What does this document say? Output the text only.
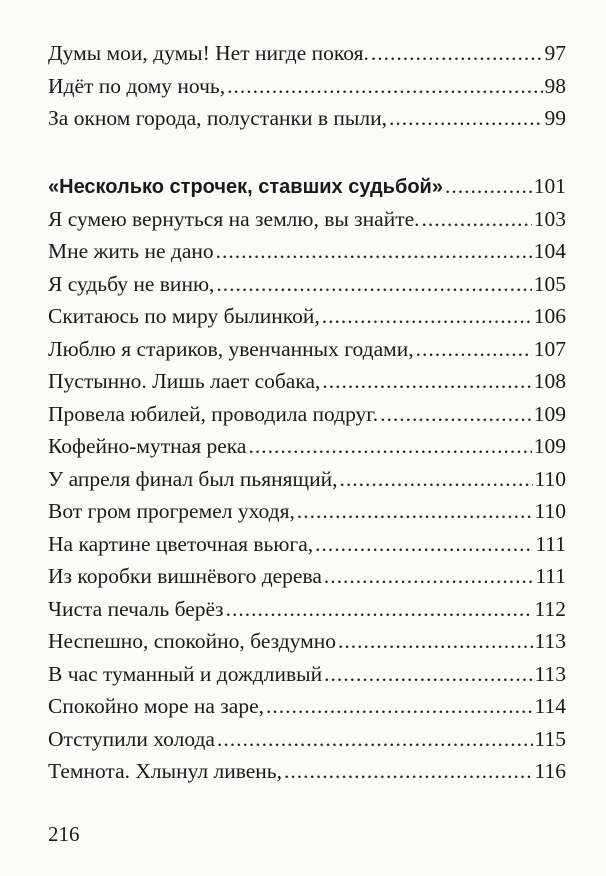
Думы мои, думы! Нет нигде покоя. .....	97
Идёт по дому ночь, .....	98
За окном города, полустанки в пыли, .....	99
«Несколько строчек, ставших судьбой» .....	101
Я сумею вернуться на землю, вы знайте. .....	103
Мне жить не дано .....	104
Я судьбу не виню, .....	105
Скитаюсь по миру былинкой, .....	106
Люблю я стариков, увенчанных годами, .....	107
Пустынно. Лишь лает собака, .....	108
Провела юбилей, проводила подруг. .....	109
Кофейно-мутная река .....	109
У апреля финал был пьянящий, .....	110
Вот гром прогремел уходя, .....	110
На картине цветочная вьюга, .....	111
Из коробки вишнёвого дерева .....	111
Чиста печаль берёз .....	112
Неспешно, спокойно, бездумно .....	113
В час туманный и дождливый .....	113
Спокойно море на заре, .....	114
Отступили холода .....	115
Темнота. Хлынул ливень, .....	116
216
